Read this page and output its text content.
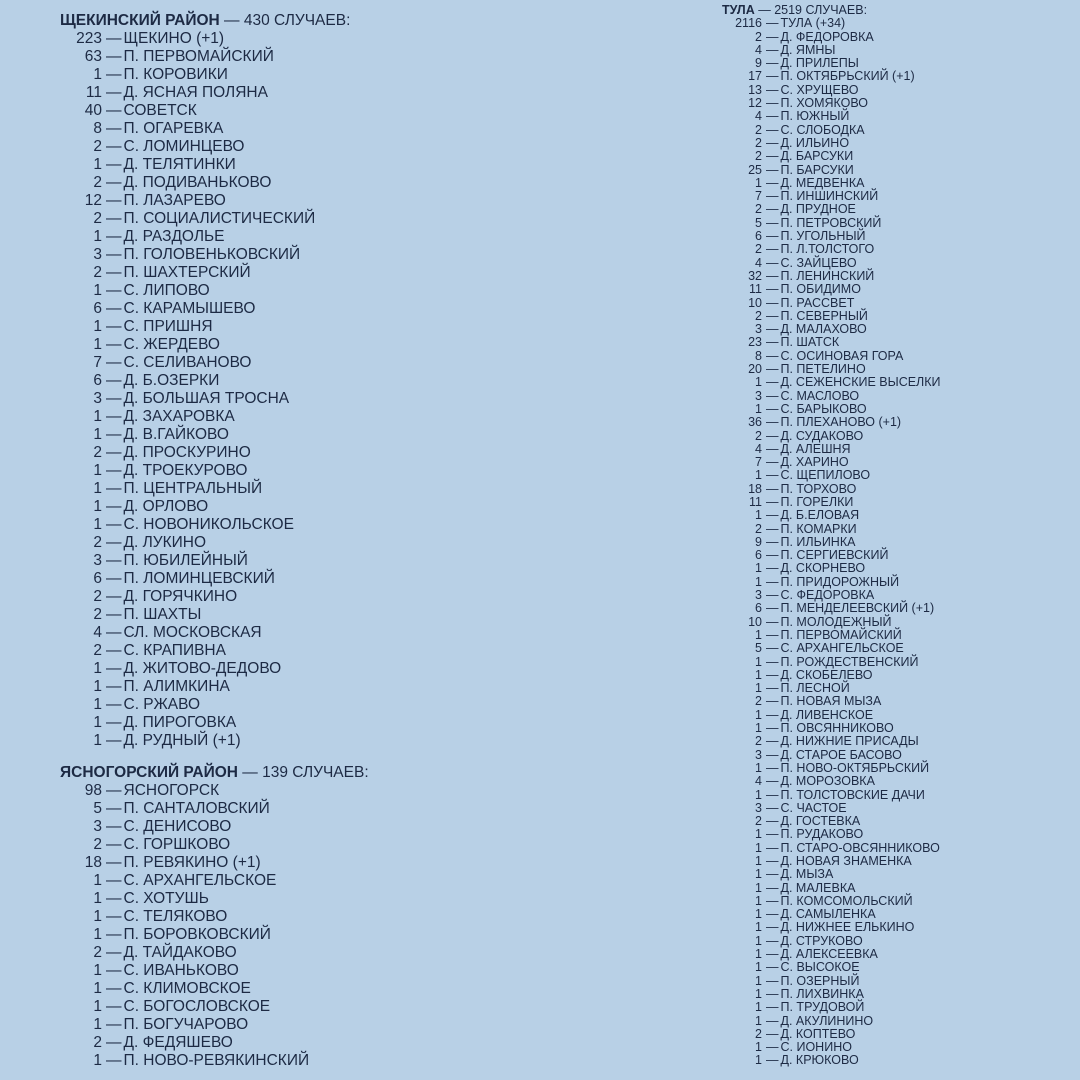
ЩЕКИНСКИЙ РАЙОН — 430 СЛУЧАЕВ:
223 — ЩЕКИНО (+1)
63 — П. ПЕРВОМАЙСКИЙ
1 — П. КОРОВИКИ
11 — Д. ЯСНАЯ ПОЛЯНА
40 — СОВЕТСК
8 — П. ОГАРЕВКА
2 — С. ЛОМИНЦЕВО
1 — Д. ТЕЛЯТИНКИ
2 — Д. ПОДИВАНЬКОВО
12 — П. ЛАЗАРЕВО
2 — П. СОЦИАЛИСТИЧЕСКИЙ
1 — Д. РАЗДОЛЬЕ
3 — П. ГОЛОВЕНЬКОВСКИЙ
2 — П. ШАХТЕРСКИЙ
1 — С. ЛИПОВО
6 — С. КАРАМЫШЕВО
1 — С. ПРИШНЯ
1 — С. ЖЕРДЕВО
7 — С. СЕЛИВАНОВО
6 — Д. Б.ОЗЕРКИ
3 — Д. БОЛЬШАЯ ТРОСНА
1 — Д. ЗАХАРОВКА
1 — Д. В.ГАЙКОВО
2 — Д. ПРОСКУРИНО
1 — Д. ТРОЕКУРОВО
1 — П. ЦЕНТРАЛЬНЫЙ
1 — Д. ОРЛОВО
1 — С. НОВОНИКОЛЬСКОЕ
2 — Д. ЛУКИНО
3 — П. ЮБИЛЕЙНЫЙ
6 — П. ЛОМИНЦЕВСКИЙ
2 — Д. ГОРЯЧКИНО
2 — П. ШАХТЫ
4 — СЛ. МОСКОВСКАЯ
2 — С. КРАПИВНА
1 — Д. ЖИТОВО-ДЕДОВО
1 — П. АЛИМКИНА
1 — С. РЖАВО
1 — Д. ПИРОГОВКА
1 — Д. РУДНЫЙ (+1)
ЯСНОГОРСКИЙ РАЙОН — 139 СЛУЧАЕВ:
98 — ЯСНОГОРСК
5 — П. САНТАЛОВСКИЙ
3 — С. ДЕНИСОВО
2 — С. ГОРШКОВО
18 — П. РЕВЯКИНО (+1)
1 — С. АРХАНГЕЛЬСКОЕ
1 — С. ХОТУШЬ
1 — С. ТЕЛЯКОВО
1 — П. БОРОВКОВСКИЙ
2 — Д. ТАЙДАКОВО
1 — С. ИВАНЬКОВО
1 — С. КЛИМОВСКОЕ
1 — С. БОГОСЛОВСКОЕ
1 — П. БОГУЧАРОВО
2 — Д. ФЕДЯШЕВО
1 — П. НОВО-РЕВЯКИНСКИЙ
ТУЛА — 2519 СЛУЧАЕВ:
2116 — ТУЛА (+34)
2 — Д. ФЕДОРОВКА
4 — Д. ЯМНЫ
9 — Д. ПРИЛЕПЫ
17 — П. ОКТЯБРЬСКИЙ (+1)
13 — С. ХРУЩЕВО
12 — П. ХОМЯКОВО
4 — П. ЮЖНЫЙ
2 — С. СЛОБОДКА
2 — Д. ИЛЬИНО
2 — Д. БАРСУКИ
25 — П. БАРСУКИ
1 — Д. МЕДВЕНКА
7 — П. ИНШИНСКИЙ
2 — Д. ПРУДНОЕ
5 — П. ПЕТРОВСКИЙ
6 — П. УГОЛЬНЫЙ
2 — П. Л.ТОЛСТОГО
4 — С. ЗАЙЦЕВО
32 — П. ЛЕНИНСКИЙ
11 — П. ОБИДИМО
10 — П. РАССВЕТ
2 — П. СЕВЕРНЫЙ
3 — Д. МАЛАХОВО
23 — П. ШАТСК
8 — С. ОСИНОВАЯ ГОРА
20 — П. ПЕТЕЛИНО
1 — Д. СЕЖЕНСКИЕ ВЫСЕЛКИ
3 — С. МАСЛОВО
1 — С. БАРЫКОВО
36 — П. ПЛЕХАНОВО (+1)
2 — Д. СУДАКОВО
4 — Д. АЛЕШНЯ
7 — Д. ХАРИНО
1 — С. ЩЕПИЛОВО
18 — П. ТОРХОВО
11 — П. ГОРЕЛКИ
1 — Д. Б.ЕЛОВАЯ
2 — П. КОМАРКИ
9 — П. ИЛЬИНКА
6 — П. СЕРГИЕВСКИЙ
1 — Д. СКОРНЕВО
1 — П. ПРИДОРОЖНЫЙ
3 — С. ФЕДОРОВКА
6 — П. МЕНДЕЛЕЕВСКИЙ (+1)
10 — П. МОЛОДЕЖНЫЙ
1 — П. ПЕРВОМАЙСКИЙ
5 — С. АРХАНГЕЛЬСКОЕ
1 — П. РОЖДЕСТВЕНСКИЙ
1 — Д. СКОБЕЛЕВО
1 — П. ЛЕСНОЙ
2 — П. НОВАЯ МЫЗА
1 — Д. ЛИВЕНСКОЕ
1 — П. ОВСЯННИКОВО
2 — Д. НИЖНИЕ ПРИСАДЫ
3 — Д. СТАРОЕ БАСОВО
1 — П. НОВО-ОКТЯБРЬСКИЙ
4 — Д. МОРОЗОВКА
1 — П. ТОЛСТОВСКИЕ ДАЧИ
3 — С. ЧАСТОЕ
2 — Д. ГОСТЕВКА
1 — П. РУДАКОВО
1 — П. СТАРО-ОВСЯННИКОВО
1 — Д. НОВАЯ ЗНАМЕНКА
1 — Д. МЫЗА
1 — Д. МАЛЕВКА
1 — П. КОМСОМОЛЬСКИЙ
1 — Д. САМЫЛЕНКА
1 — Д. НИЖНЕЕ ЕЛЬКИНО
1 — Д. СТРУКОВО
1 — Д. АЛЕКСЕЕВКА
1 — С. ВЫСОКОЕ
1 — П. ОЗЕРНЫЙ
1 — П. ЛИХВИНКА
1 — П. ТРУДОВОЙ
1 — Д. АКУЛИНИНО
2 — Д. КОПТЕВО
1 — С. ИОНИНО
1 — Д. КРЮКОВО
